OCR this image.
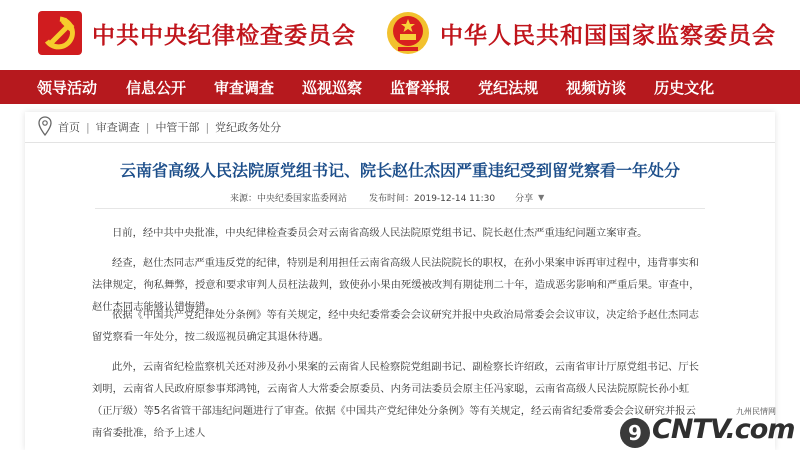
中共中央纪律检查委员会	中华人民共和国国家监察委员会
领导活动 信息公开 审查调查 巡视巡察 监督举报 党纪法规 视频访谈 历史文化
首页 | 审查调查 | 中管干部 | 党纪政务处分
云南省高级人民法院原党组书记、院长赵仕杰因严重违纪受到留党察看一年处分
来源：中央纪委国家监委网站 发布时间：2019-12-14 11:30 分享 ▼
日前，经中共中央批准，中央纪律检查委员会对云南省高级人民法院原党组书记、院长赵仕杰严重违纪问题立案审查。
经查，赵仕杰同志严重违反党的纪律，特别是利用担任云南省高级人民法院院长的职权，在孙小果案申诉再审过程中，违背事实和法律规定，徇私舞弊，授意和要求审判人员枉法裁判，致使孙小果由死缓被改判有期徒刑二十年，造成恶劣影响和严重后果。审查中，赵仕杰同志能够认错悔错。
依据《中国共产党纪律处分条例》等有关规定，经中央纪委常委会会议研究并报中央政治局常委会会议审议，决定给予赵仕杰同志留党察看一年处分，按二级巡视员确定其退休待遇。
此外，云南省纪检监察机关还对涉及孙小果案的云南省人民检察院党组副书记、副检察长许绍政，云南省审计厅原党组书记、厅长刘明，云南省人民政府原参事郑鸿钝，云南省人大常委会原委员、内务司法委员会原主任冯家聪，云南省高级人民法院原院长孙小虹（正厅级）等5名省管干部违纪问题进行了审查。依据《中国共产党纪律处分条例》等有关规定，经云南省纪委常委会会议研究并报云南省委批准，给予上述人	9 CNTV.com
九州民情网
